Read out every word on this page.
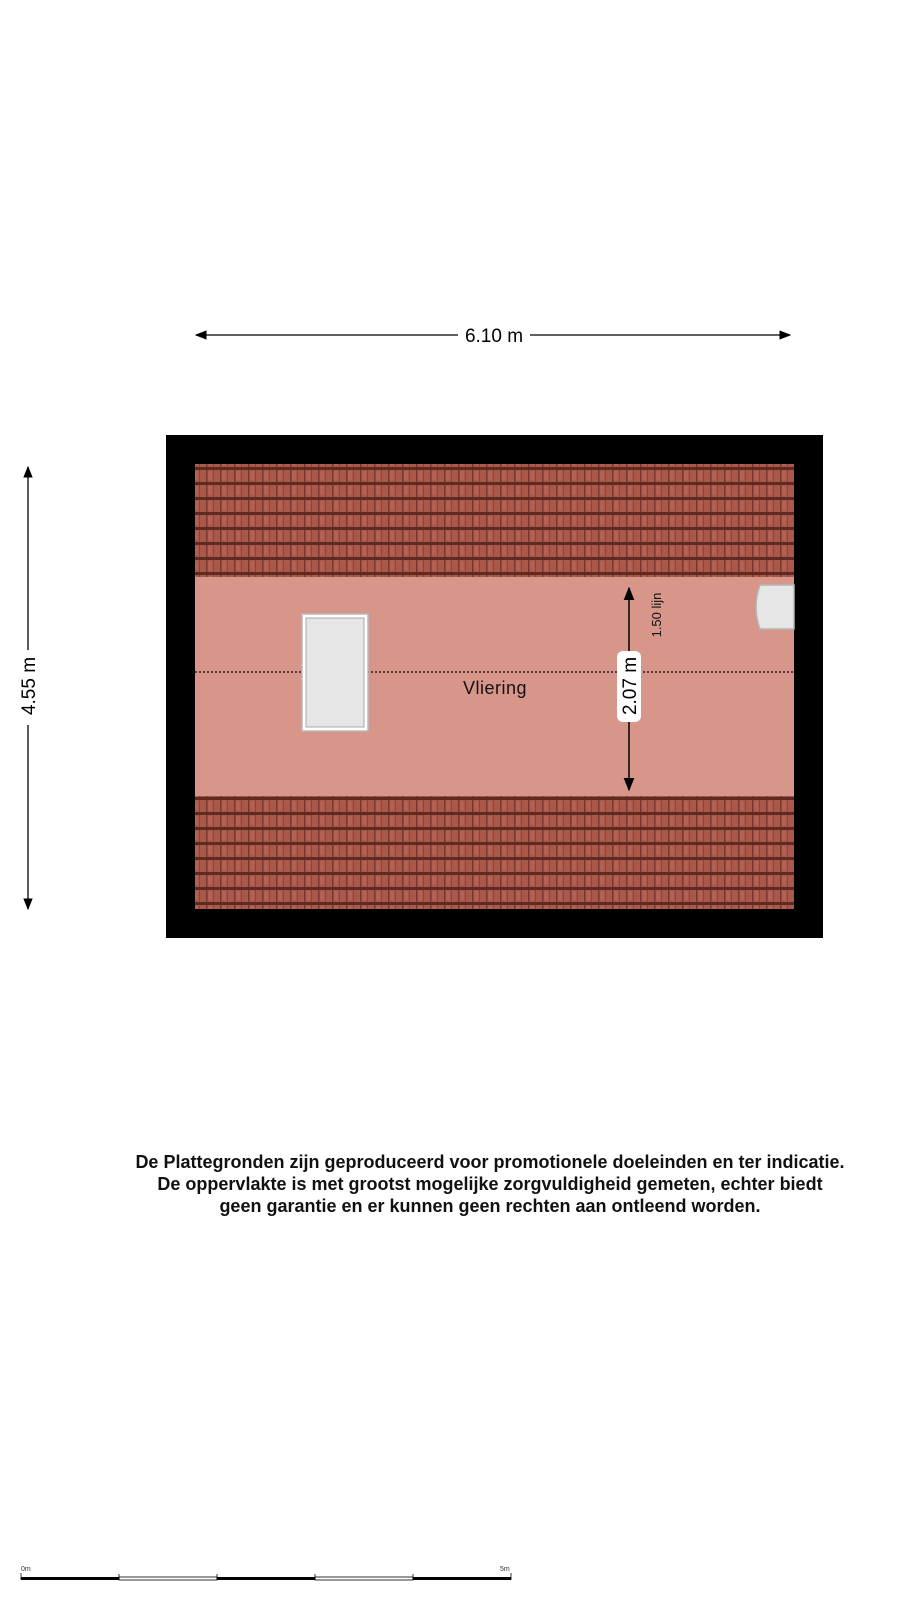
6.10 m
4.55 m	Vliering	2.07 m
1.50 lijn
0m	5m
De Plattegronden zijn geproduceerd voor promotionele doeleinden en ter indicatie.
De oppervlakte is met grootst mogelijke zorgvuldigheid gemeten, echter biedt
geen garantie en er kunnen geen rechten aan ontleend worden.
